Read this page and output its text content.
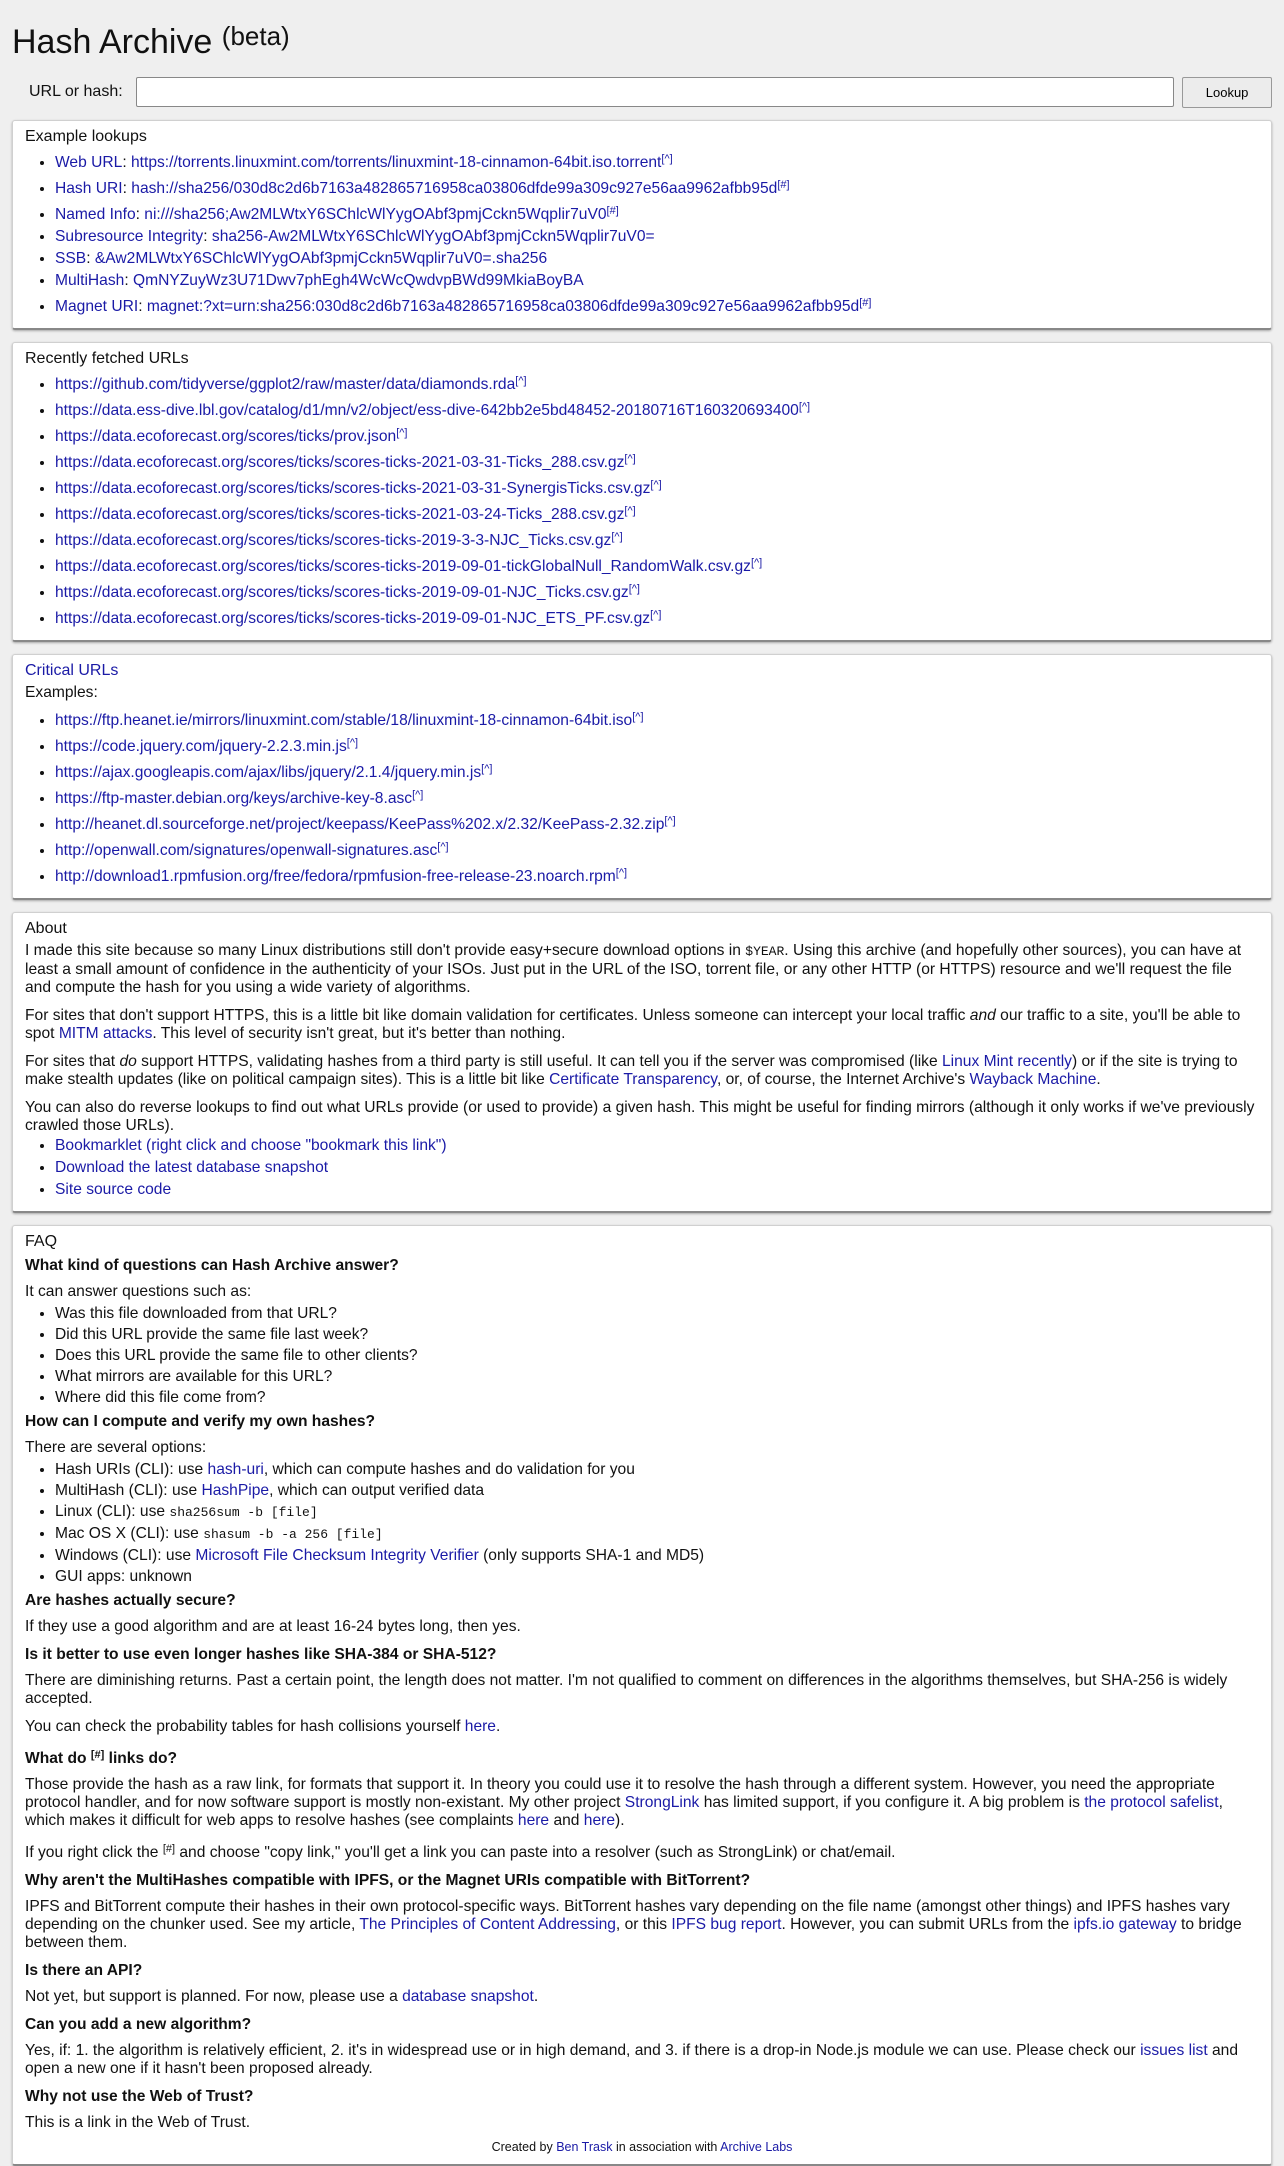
Hash Archive $^{(beta)}$
URL or hash:	Lookup
Example lookups
• Web URL: https://torrents.linuxmint.com/torrents/linuxmint-18-cinnamon-64bit.iso.torrent[^]
• Hash URI: hash://sha256/030d8c2d6b7163a482865716958ca03806dfde99a309c927e56aa9962afbb95d[#]
• Named Info: ni:///sha256;Aw2MLWtxY6SChlcWlYygOAbf3pmjCckn5Wqplir7uV0[#]
• Subresource Integrity: sha256-Aw2MLWtxY6SChlcWlYygOAbf3pmjCckn5Wqplir7uV0=
• SSB: &Aw2MLWtxY6SChlcWlYygOAbf3pmjCckn5Wqplir7uV0=.sha256
• MultiHash: QmNYZuyWz3U71Dwv7phEgh4WcWcQwdvpBWd99MkiaBoyBA
• Magnet URI: magnet:?xt=urn:sha256:030d8c2d6b7163a482865716958ca03806dfde99a309c927e56aa9962afbb95d[#]
Recently fetched URLs
• https://github.com/tidyverse/ggplot2/raw/master/data/diamonds.rda[^]
• https://data.ess-dive.lbl.gov/catalog/d1/mn/v2/object/ess-dive-642bb2e5bd48452-20180716T160320693400[^]
• https://data.ecoforecast.org/scores/ticks/prov.json[^]
• https://data.ecoforecast.org/scores/ticks/scores-ticks-2021-03-31-Ticks_288.csv.gz[^]
• https://data.ecoforecast.org/scores/ticks/scores-ticks-2021-03-31-SynergisTicks.csv.gz[^]
• https://data.ecoforecast.org/scores/ticks/scores-ticks-2021-03-24-Ticks_288.csv.gz[^]
• https://data.ecoforecast.org/scores/ticks/scores-ticks-2019-3-3-NJC_Ticks.csv.gz[^]
• https://data.ecoforecast.org/scores/ticks/scores-ticks-2019-09-01-tickGlobalNull_RandomWalk.csv.gz[^]
• https://data.ecoforecast.org/scores/ticks/scores-ticks-2019-09-01-NJC_Ticks.csv.gz[^]
• https://data.ecoforecast.org/scores/ticks/scores-ticks-2019-09-01-NJC_ETS_PF.csv.gz[^]
Critical URLs
Examples:
• https://ftp.heanet.ie/mirrors/linuxmint.com/stable/18/linuxmint-18-cinnamon-64bit.iso[^]
• https://code.jquery.com/jquery-2.2.3.min.js[^]
• https://ajax.googleapis.com/ajax/libs/jquery/2.1.4/jquery.min.js[^]
• https://ftp-master.debian.org/keys/archive-key-8.asc[^]
• http://heanet.dl.sourceforge.net/project/keepass/KeePass%202.x/2.32/KeePass-2.32.zip[^]
• http://openwall.com/signatures/openwall-signatures.asc[^]
• http://download1.rpmfusion.org/free/fedora/rpmfusion-free-release-23.noarch.rpm[^]
About

I made this site because so many Linux distributions still don't provide easy+secure download options in $YEAR. Using this archive (and hopefully other sources), you can have at least a small amount of confidence in the authenticity of your ISOs. Just put in the URL of the ISO, torrent file, or any other HTTP (or HTTPS) resource and we'll request the file and compute the hash for you using a wide variety of algorithms.

For sites that don't support HTTPS, this is a little bit like domain validation for certificates. Unless someone can intercept your local traffic and our traffic to a site, you'll be able to spot MITM attacks. This level of security isn't great, but it's better than nothing.

For sites that do support HTTPS, validating hashes from a third party is still useful. It can tell you if the server was compromised (like Linux Mint recently) or if the site is trying to make stealth updates (like on political campaign sites). This is a little bit like Certificate Transparency, or, of course, the Internet Archive's Wayback Machine.

You can also do reverse lookups to find out what URLs provide (or used to provide) a given hash. This might be useful for finding mirrors (although it only works if we've previously crawled those URLs).

• Bookmarklet (right click and choose "bookmark this link")
• Download the latest database snapshot
• Site source code
FAQ
What kind of questions can Hash Archive answer?

It can answer questions such as:

• Was this file downloaded from that URL?
• Did this URL provide the same file last week?
• Does this URL provide the same file to other clients?
• What mirrors are available for this URL?
• Where did this file come from?
How can I compute and verify my own hashes?

There are several options:

• Hash URIs (CLI): use hash-uri, which can compute hashes and do validation for you
• MultiHash (CLI): use HashPipe, which can output verified data
• Linux (CLI): use sha256sum -b [file]
• Mac OS X (CLI): use shasum -b -a 256 [file]
• Windows (CLI): use Microsoft File Checksum Integrity Verifier (only supports SHA-1 and MD5)
• GUI apps: unknown
Are hashes actually secure?

If they use a good algorithm and are at least 16-24 bytes long, then yes.

Is it better to use even longer hashes like SHA-384 or SHA-512?

There are diminishing returns. Past a certain point, the length does not matter. I'm not qualified to comment on differences in the algorithms themselves, but SHA-256 is widely accepted.

You can check the probability tables for hash collisions yourself here.

What do [#] links do?

Those provide the hash as a raw link, for formats that support it. In theory you could use it to resolve the hash through a different system. However, you need the appropriate protocol handler, and for now software support is mostly non-existant. My other project StrongLink has limited support, if you configure it. A big problem is the protocol safelist, which makes it difficult for web apps to resolve hashes (see complaints here and here).

If you right click the [#] and choose "copy link," you'll get a link you can paste into a resolver (such as StrongLink) or chat/email.

Why aren't the MultiHashes compatible with IPFS, or the Magnet URIs compatible with BitTorrent?

IPFS and BitTorrent compute their hashes in their own protocol-specific ways. BitTorrent hashes vary depending on the file name (amongst other things) and IPFS hashes vary depending on the chunker used. See my article, The Principles of Content Addressing, or this IPFS bug report. However, you can submit URLs from the ipfs.io gateway to bridge between them.

Is there an API?

Not yet, but support is planned. For now, please use a database snapshot.

Can you add a new algorithm?

Yes, if: 1. the algorithm is relatively efficient, 2. it's in widespread use or in high demand, and 3. if there is a drop-in Node.js module we can use. Please check our issues list and open a new one if it hasn't been proposed already.

Why not use the Web of Trust?

This is a link in the Web of Trust.

Created by Ben Trask in association with Archive Labs
